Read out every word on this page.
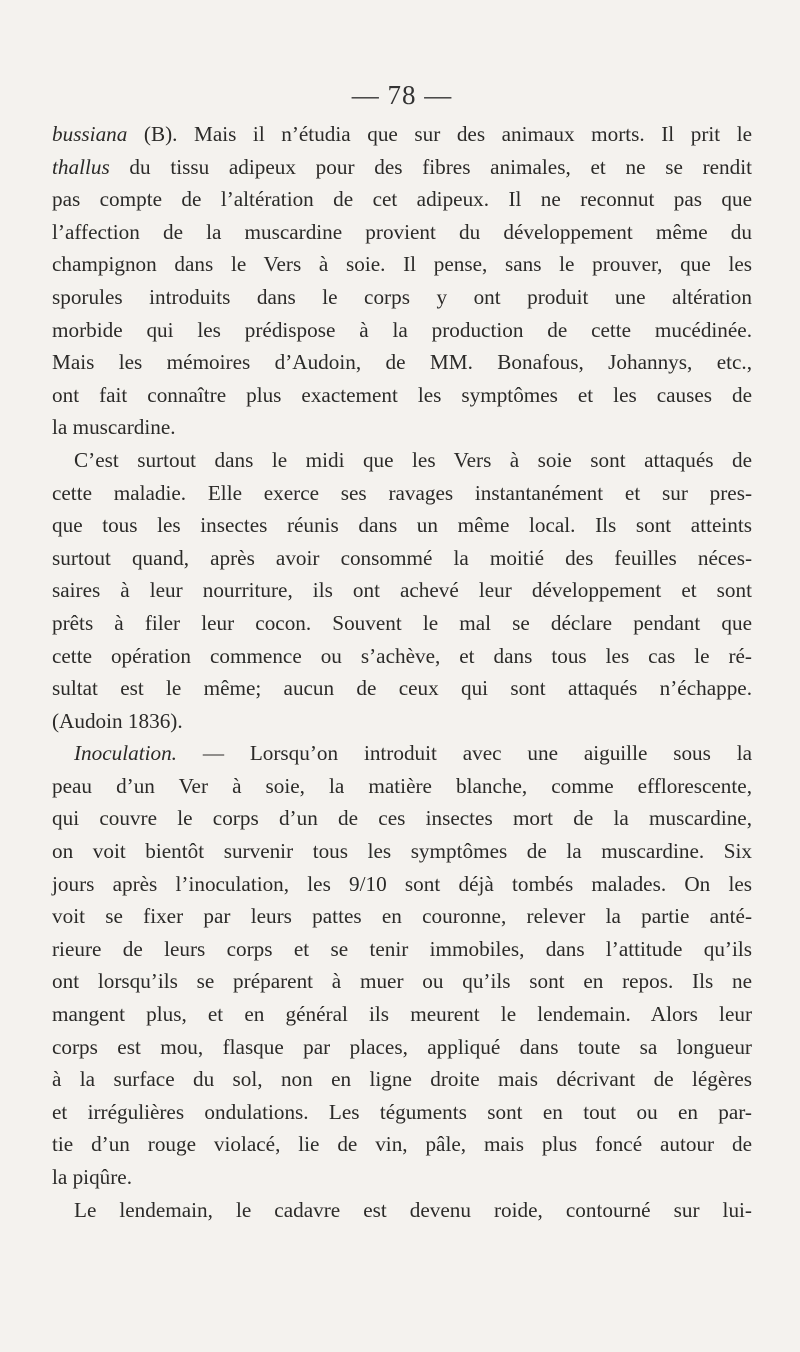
— 78 —
bussiana (B). Mais il n’étudia que sur des animaux morts. Il prit le
thallus du tissu adipeux pour des fibres animales, et ne se rendit
pas compte de l’altération de cet adipeux. Il ne reconnut pas que
l’affection de la muscardine provient du développement même du
champignon dans le Vers à soie. Il pense, sans le prouver, que les
sporules introduits dans le corps y ont produit une altération
morbide qui les prédispose à la production de cette mucédinée.
Mais les mémoires d’Audoin, de MM. Bonafous, Johannys, etc.,
ont fait connaître plus exactement les symptômes et les causes de
la muscardine.
C’est surtout dans le midi que les Vers à soie sont attaqués de
cette maladie. Elle exerce ses ravages instantanément et sur pres-
que tous les insectes réunis dans un même local. Ils sont atteints
surtout quand, après avoir consommé la moitié des feuilles néces-
saires à leur nourriture, ils ont achevé leur développement et sont
prêts à filer leur cocon. Souvent le mal se déclare pendant que
cette opération commence ou s’achève, et dans tous les cas le ré-
sultat est le même; aucun de ceux qui sont attaqués n’échappe.
(Audoin 1836).
Inoculation. — Lorsqu’on introduit avec une aiguille sous la
peau d’un Ver à soie, la matière blanche, comme efflorescente,
qui couvre le corps d’un de ces insectes mort de la muscardine,
on voit bientôt survenir tous les symptômes de la muscardine. Six
jours après l’inoculation, les 9/10 sont déjà tombés malades. On les
voit se fixer par leurs pattes en couronne, relever la partie anté-
rieure de leurs corps et se tenir immobiles, dans l’attitude qu’ils
ont lorsqu’ils se préparent à muer ou qu’ils sont en repos. Ils ne
mangent plus, et en général ils meurent le lendemain. Alors leur
corps est mou, flasque par places, appliqué dans toute sa longueur
à la surface du sol, non en ligne droite mais décrivant de légères
et irrégulières ondulations. Les téguments sont en tout ou en par-
tie d’un rouge violacé, lie de vin, pâle, mais plus foncé autour de
la piqûre.
Le lendemain, le cadavre est devenu roide, contourné sur lui-
